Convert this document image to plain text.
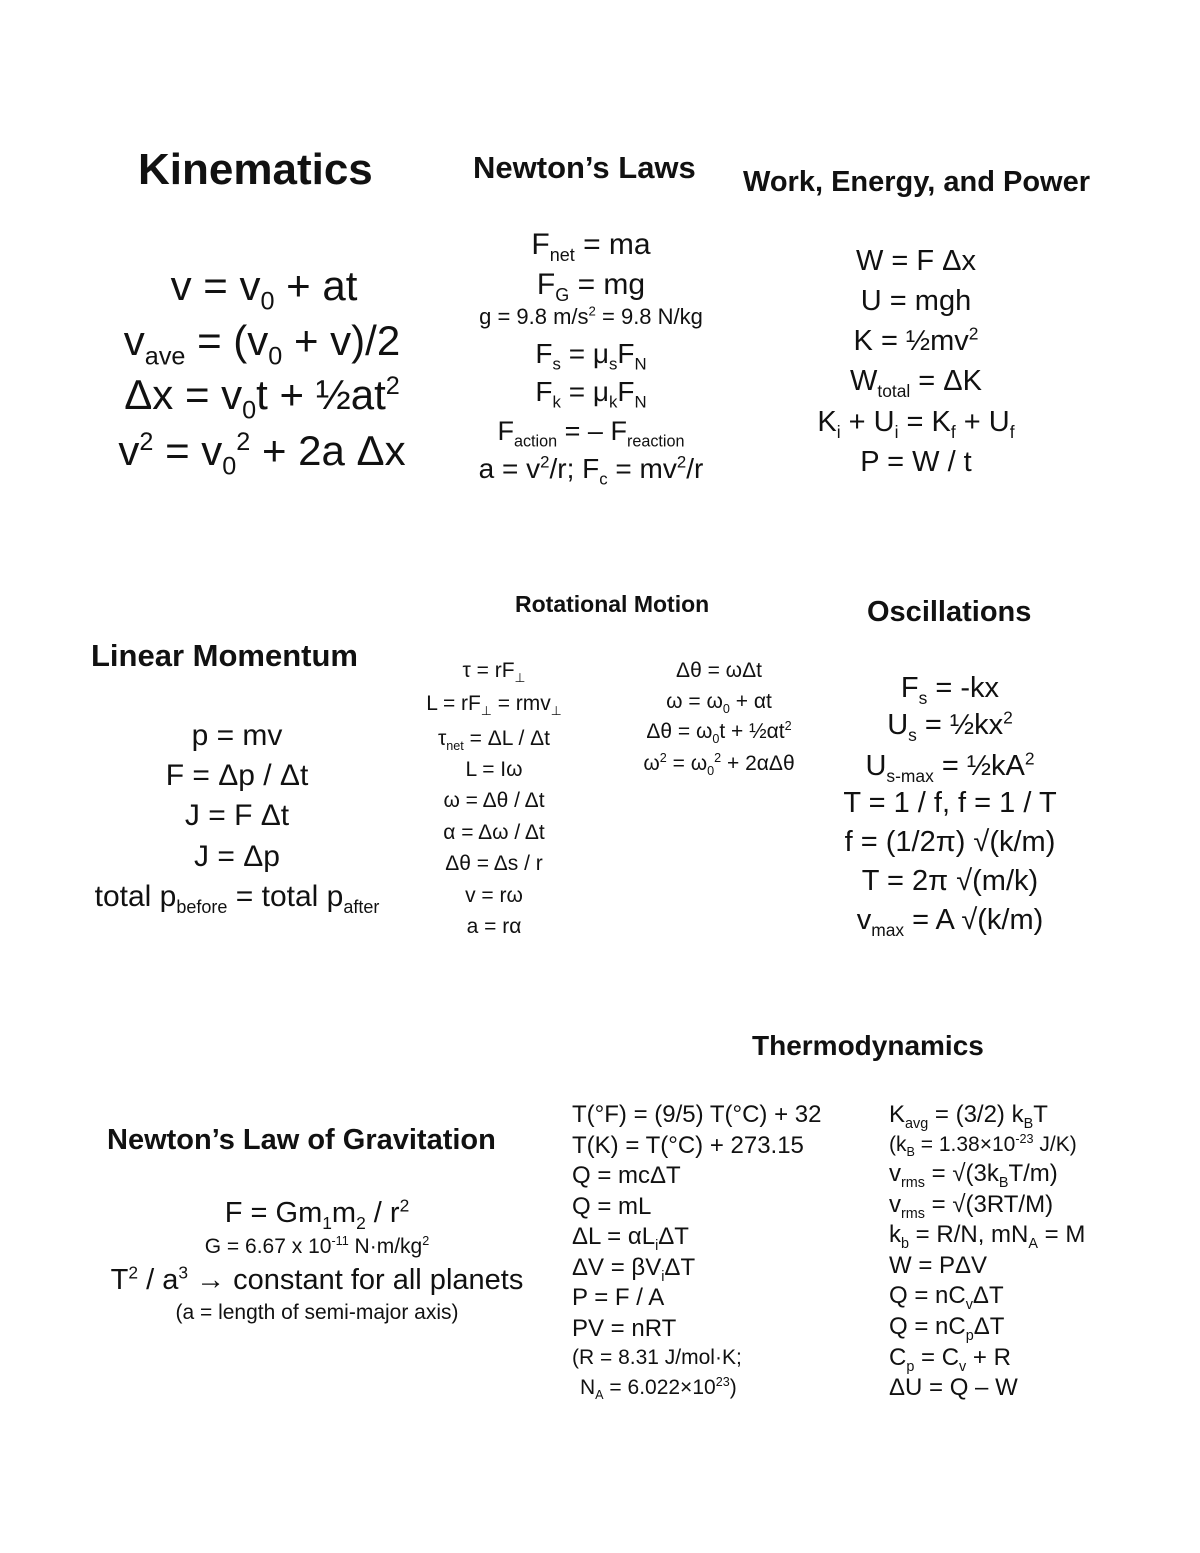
Kinematics
$v = v_0$ + at
$v_{ave} = (v_0 + v)/2$
$\Delta x = v_0t$ + $\frac{1}{2}at^2$
$v^2 = v_0^2 + 2a$ Δx
Newton’s Laws
$F_{net}$ = ma
$F_G$ = mg
g = 9.8 $m/s^2 = 9.8$ N/kg
$F_s = \mu_sF_N$
$F_k = \mu_kF_N$
$F_{action}$ = – $F_{reaction}$
$a = v^2/r$; $F_c = mv^2/r$
Work, Energy, and Power
W = F Δx
U = mgh
$K = \frac{1}{2}mv^2$
$W_{total} = \Delta K$
$K_i + U_i = K_f + U_f$
P = W / t
Rotational Motion
$\tau = rF_\perp$
$L = rF_\perp = rmv_\perp$
$\tau_{net} = \Delta L / \Delta t$
L = Iω
ω = Δθ / Δt
α = Δω / Δt
Δθ = Δs / r
v = rω
a = rα
Δθ = ωΔt
$\omega = \omega_0 + \alpha t$
$\Delta\theta = \omega_0t$ + $\frac{1}{2}\alpha t^2$
$\omega^2 = \omega_0^2 + 2\alpha\Delta\theta$
Linear Momentum
p = mv
F = Δp / Δt
J = F Δt
J = Δp
total $p_{before}$ = total $p_{after}$
Oscillations
$F_s = -kx$
$U_s$ = $\frac{1}{2}kx^2$
$U_{s-max}$ = $\frac{1}{2}kA^2$
T = 1 / f, f = 1 / T
f = (1/2π) √(k/m)
T = 2π √(m/k)
$v_{max} = A$ √(k/m)
Newton’s Law of Gravitation
$F = Gm_1m_2 / r^2$
G = 6.67 x $10^{-11}$ $N\cdot m/kg^2$
$T^2 / a^3$ → constant for all planets
(a = length of semi-major axis)
Thermodynamics
T(°F) = (9/5) T(°C) + 32
T(K) = T(°C) + 273.15
Q = mcΔT
Q = mL
$\Delta L = \alpha L_i\Delta T$
$\Delta V = \beta V_i\Delta T$
P = F / A
PV = nRT
(R = 8.31 J/mol·K;
$N_A = 6.022\times 10^{23}$)
$K_{avg} = (3/2)$ $k_BT$
($k_B = 1.38\times 10^{-23}$ J/K)
$v_{rms} = √(3k_BT/m)$
$v_{rms} = √(3RT/M)$
$k_b = R/N$, $mN_A = M$
W = PΔV
$Q = nC_v\Delta T$
$Q = nC_p\Delta T$
$C_p = C_v + R$
ΔU = Q – W
